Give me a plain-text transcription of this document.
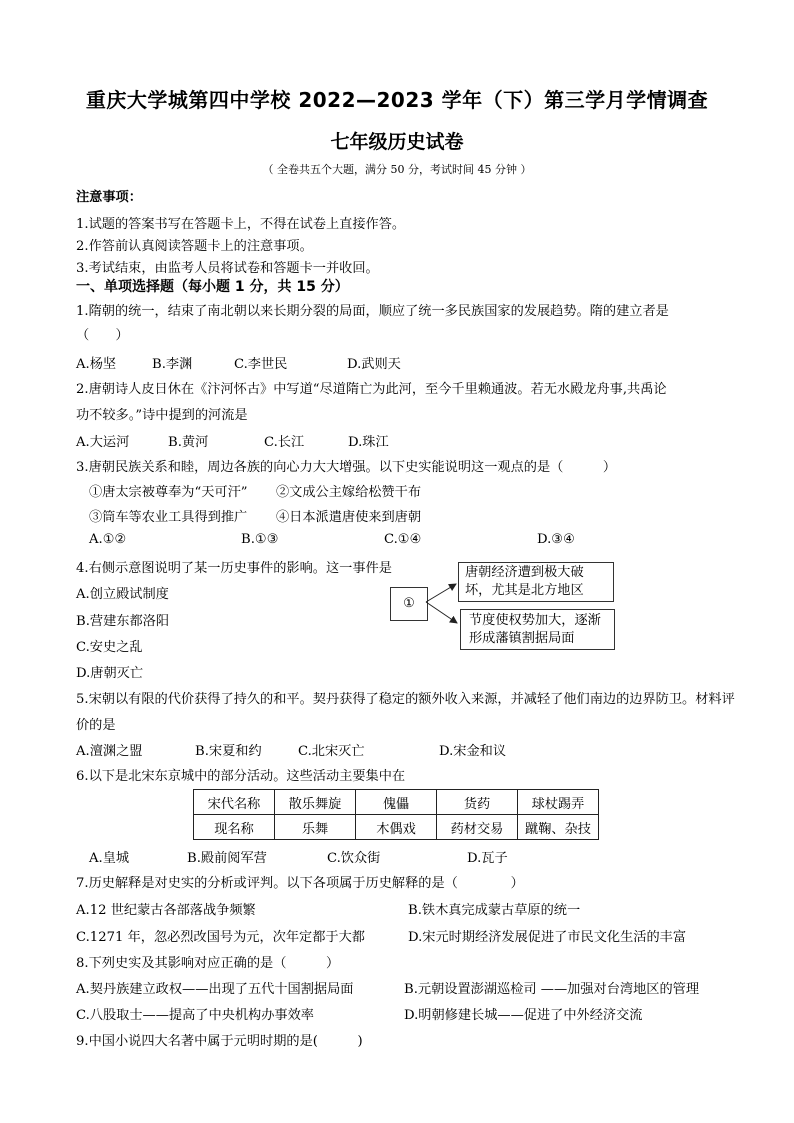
重庆大学城第四中学校 2022—2023 学年（下）第三学月学情调查
七年级历史试卷
（ 全卷共五个大题，满分 50 分，考试时间 45 分钟 ）
注意事项：
1.试题的答案书写在答题卡上，不得在试卷上直接作答。
2.作答前认真阅读答题卡上的注意事项。
3.考试结束，由监考人员将试卷和答题卡一并收回。
一、单项选择题（每小题 1 分，共 15 分）
1.隋朝的统一，结束了南北朝以来长期分裂的局面，顺应了统一多民族国家的发展趋势。隋的建立者是
（　　）
A.杨坚	B.李渊	C.李世民	D.武则天
2.唐朝诗人皮日休在《汴河怀古》中写道“尽道隋亡为此河，至今千里赖通波。若无水殿龙舟事,共禹论
功不较多。”诗中提到的河流是
A.大运河	B.黄河	C.长江	D.珠江
3.唐朝民族关系和睦，周边各族的向心力大大增强。以下史实能说明这一观点的是（　　　）
①唐太宗被尊奉为“天可汗” ②文成公主嫁给松赞干布
③筒车等农业工具得到推广 ④日本派遣唐使来到唐朝
A.①②	B.①③	C.①④	D.③④
4.右侧示意图说明了某一历史事件的影响。这一事件是
A.创立殿试制度
B.营建东都洛阳
C.安史之乱
D.唐朝灭亡
①
唐朝经济遭到极大破坏，尤其是北方地区
节度使权势加大，逐渐形成藩镇割据局面
5.宋朝以有限的代价获得了持久的和平。契丹获得了稳定的额外收入来源，并减轻了他们南边的边界防卫。材料评
价的是
A.澶渊之盟	B.宋夏和约	C.北宋灭亡	D.宋金和议
6.以下是北宋东京城中的部分活动。这些活动主要集中在
宋代名称	散乐舞旋	傀儡	货药	球杖踢弄
现名称	乐舞	木偶戏	药材交易	蹴鞠、杂技
A.皇城	B.殿前阅军营	C.饮众街	D.瓦子
7.历史解释是对史实的分析或评判。以下各项属于历史解释的是（　　　　）
A.12 世纪蒙古各部落战争频繁	B.铁木真完成蒙古草原的统一
C.1271 年，忽必烈改国号为元，次年定都于大都	D.宋元时期经济发展促进了市民文化生活的丰富
8.下列史实及其影响对应正确的是（　　　）
A.契丹族建立政权——出现了五代十国割据局面	B.元朝设置澎湖巡检司 ——加强对台湾地区的管理
C.八股取士——提高了中央机构办事效率	D.明朝修建长城——促进了中外经济交流
9.中国小说四大名著中属于元明时期的是(　　　)
